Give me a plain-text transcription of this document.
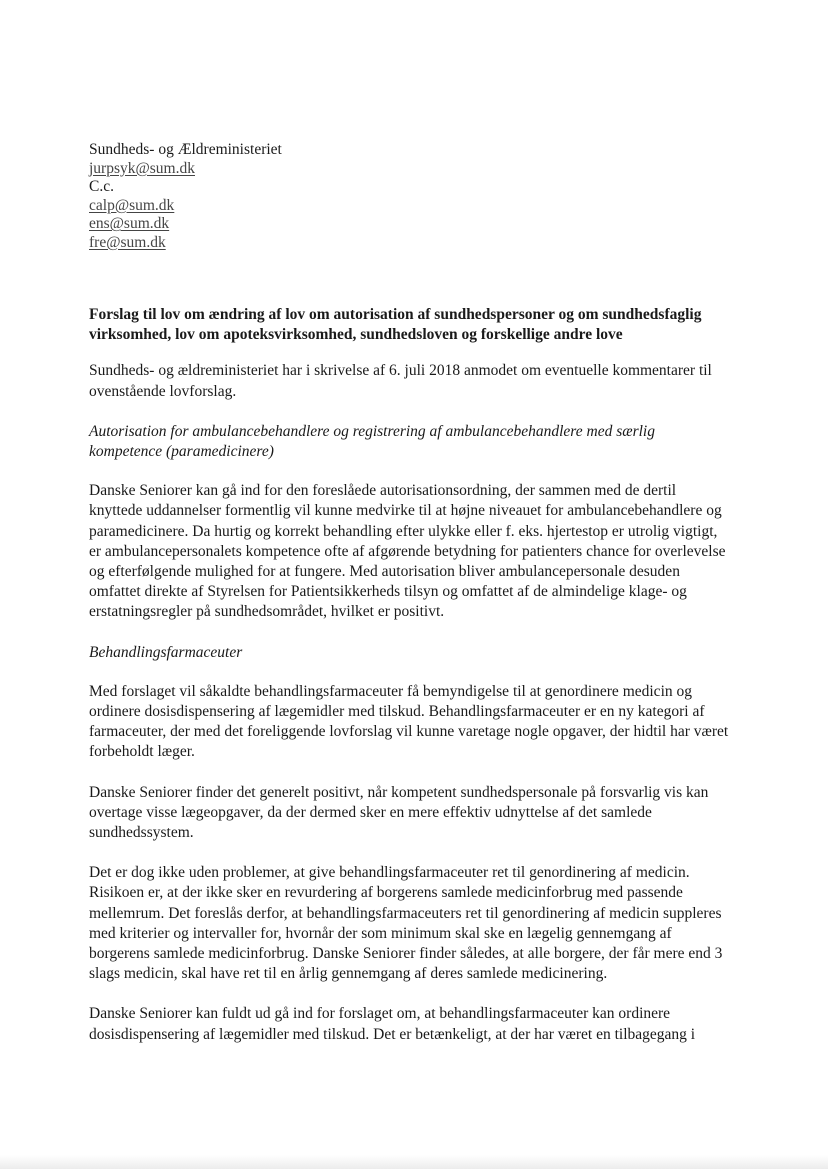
Sundheds- og Ældreministeriet
jurpsyk@sum.dk
C.c.
calp@sum.dk
ens@sum.dk
fre@sum.dk

Forslag til lov om ændring af lov om autorisation af sundhedspersoner og om sundhedsfaglig virksomhed, lov om apoteksvirksomhed, sundhedsloven og forskellige andre love

Sundheds- og ældreministeriet har i skrivelse af 6. juli 2018 anmodet om eventuelle kommentarer til ovenstående lovforslag.

Autorisation for ambulancebehandlere og registrering af ambulancebehandlere med særlig kompetence (paramedicinere)

Danske Seniorer kan gå ind for den foreslåede autorisationsordning, der sammen med de dertil knyttede uddannelser formentlig vil kunne medvirke til at højne niveauet for ambulancebehandlere og paramedicinere. Da hurtig og korrekt behandling efter ulykke eller f. eks. hjertestop er utrolig vigtigt, er ambulancepersonalets kompetence ofte af afgørende betydning for patienters chance for overlevelse og efterfølgende mulighed for at fungere. Med autorisation bliver ambulancepersonale desuden omfattet direkte af Styrelsen for Patientsikkerheds tilsyn og omfattet af de almindelige klage- og erstatningsregler på sundhedsområdet, hvilket er positivt.

Behandlingsfarmaceuter

Med forslaget vil såkaldte behandlingsfarmaceuter få bemyndigelse til at genordinere medicin og ordinere dosisdispensering af lægemidler med tilskud. Behandlingsfarmaceuter er en ny kategori af farmaceuter, der med det foreliggende lovforslag vil kunne varetage nogle opgaver, der hidtil har været forbeholdt læger.

Danske Seniorer finder det generelt positivt, når kompetent sundhedspersonale på forsvarlig vis kan overtage visse lægeopgaver, da der dermed sker en mere effektiv udnyttelse af det samlede sundhedssystem.

Det er dog ikke uden problemer, at give behandlingsfarmaceuter ret til genordinering af medicin. Risikoen er, at der ikke sker en revurdering af borgerens samlede medicinforbrug med passende mellemrum. Det foreslås derfor, at behandlingsfarmaceuters ret til genordinering af medicin suppleres med kriterier og intervaller for, hvornår der som minimum skal ske en lægelig gennemgang af borgerens samlede medicinforbrug. Danske Seniorer finder således, at alle borgere, der får mere end 3 slags medicin, skal have ret til en årlig gennemgang af deres samlede medicinering.

Danske Seniorer kan fuldt ud gå ind for forslaget om, at behandlingsfarmaceuter kan ordinere dosisdispensering af lægemidler med tilskud. Det er betænkeligt, at der har været en tilbagegang i
